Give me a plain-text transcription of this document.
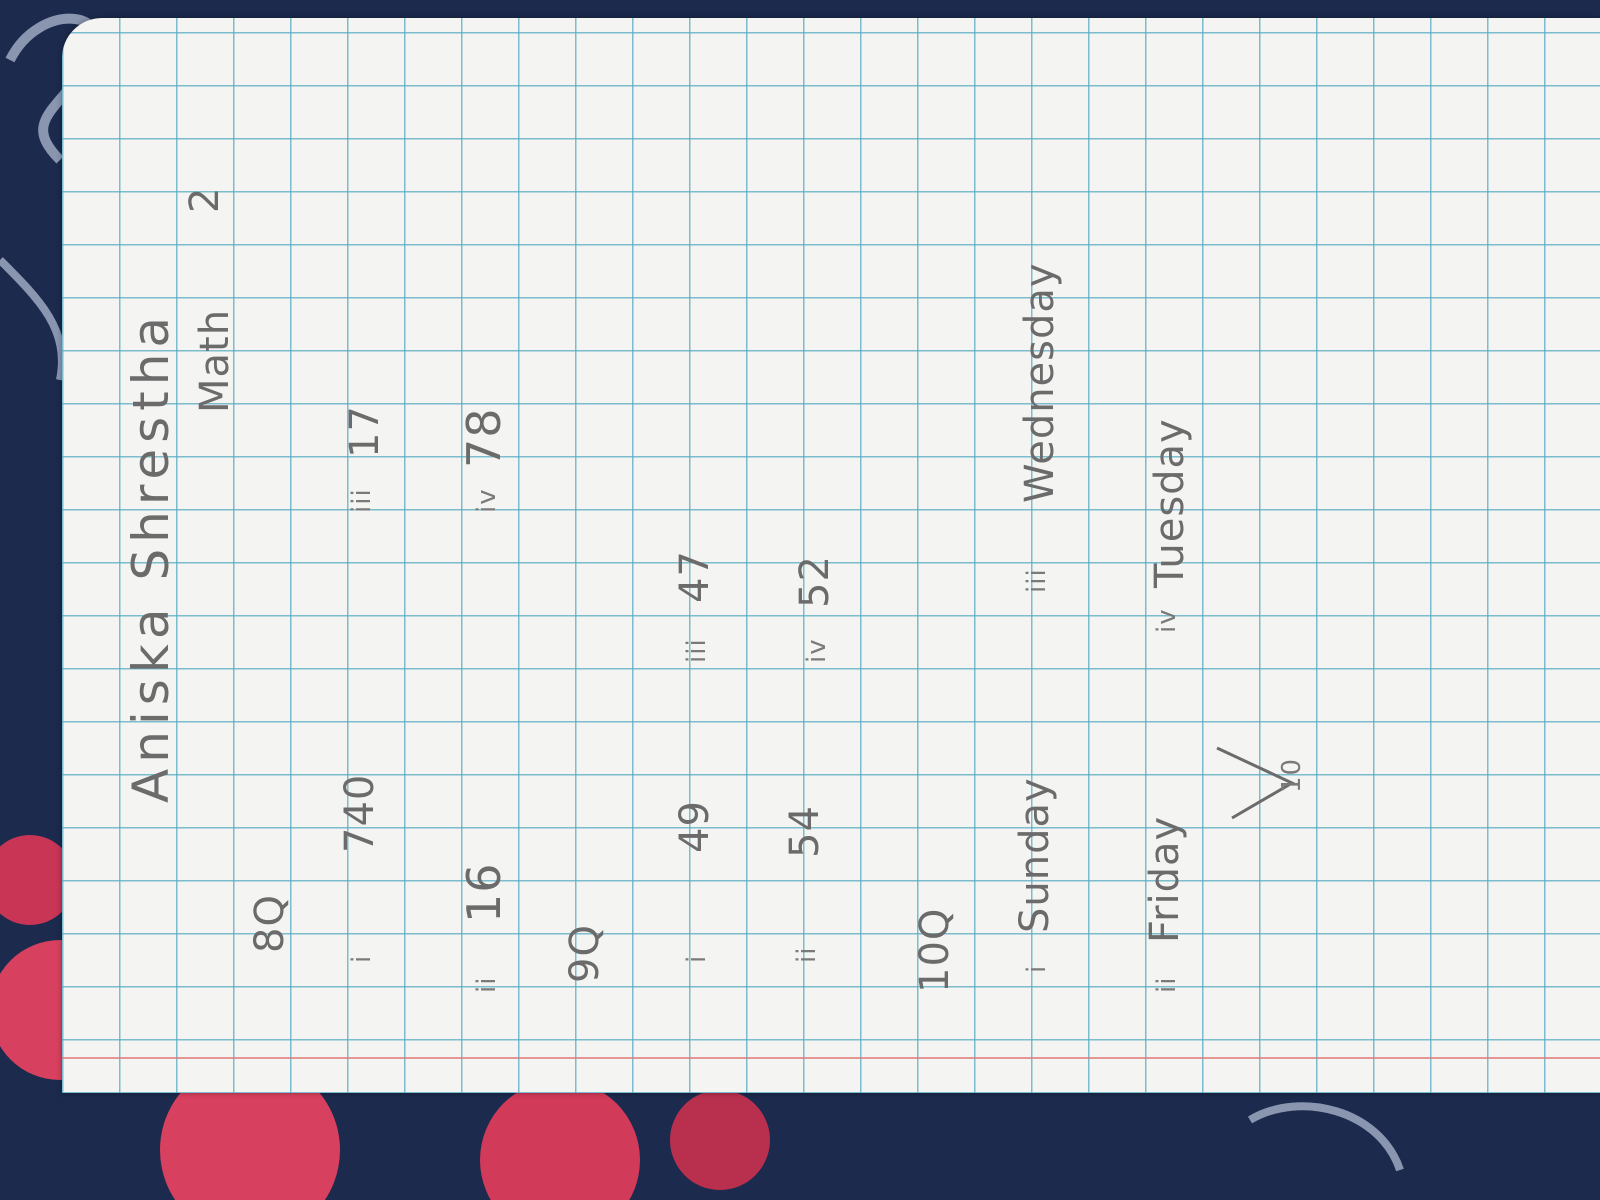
Aniska Shrestha Math
2
8Q
i
740
ii
16
iii
17
iv
78
9Q	i
49
ii
54
iii
47
iv
52
10Q i
Sunday
ii
Friday
iii
Wednesday
iv
Tuesday
10
